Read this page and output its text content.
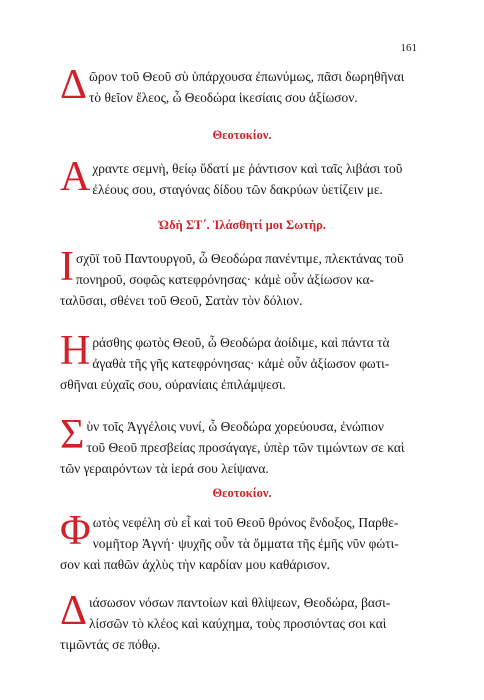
161
Δ ῶρον τοῦ Θεοῦ σὺ ὑπάρχουσα ἐπωνύμως, πᾶσι δωρηθῆναι
τὸ θεῖον ἔλεος, ὦ Θεοδώρα ἱκεσίαις σου ἀξίωσον.
Θεοτοκίον.
Α χραντε σεμνὴ, θείῳ ὕδατί με ῥάντισον καὶ ταῖς λιβάσι τοῦ
ἐλέους σου, σταγόνας δίδου τῶν δακρύων ὑετίζειν με.
Ὠδὴ ΣΤ΄. Ἱλάσθητί μοι Σωτὴρ.
Ι σχῦϊ τοῦ Παντουργοῦ, ὦ Θεοδώρα πανέντιμε, πλεκτάνας τοῦ
πονηροῦ, σοφῶς κατεφρόνησας· κἀμὲ οὖν ἀξίωσον κα-
ταλῦσαι, σθένει τοῦ Θεοῦ, Σατὰν τὸν δόλιον.
Η ράσθης φωτὸς Θεοῦ, ὦ Θεοδώρα ἀοίδιμε, καὶ πάντα τὰ
ἀγαθὰ τῆς γῆς κατεφρόνησας· κἀμὲ οὖν ἀξίωσον φωτι-
σθῆναι εὐχαῖς σου, οὐρανίαις ἐπιλάμψεσι.
Σ ὺν τοῖς Ἀγγέλοις νυνί, ὦ Θεοδώρα χορεύουσα, ἐνώπιον
τοῦ Θεοῦ πρεσβείας προσάγαγε, ὑπὲρ τῶν τιμώντων σε καὶ
τῶν γεραιρόντων τὰ ἱερά σου λείψανα.
Θεοτοκίον.
Φ ωτὸς νεφέλη σὺ εἶ καὶ τοῦ Θεοῦ θρόνος ἔνδοξος, Παρθε-
νομῆτορ Ἁγνή· ψυχῆς οὖν τὰ ὄμματα τῆς ἐμῆς νῦν φώτι-
σον καὶ παθῶν ἀχλὺς τὴν καρδίαν μου καθάρισον.
Δ ιάσωσον νόσων παντοίων καὶ θλίψεων, Θεοδώρα, βασι-
λίσσῶν τὸ κλέος καὶ καύχημα, τοὺς προσιόντας σοι καὶ
τιμῶντάς σε πόθῳ.
